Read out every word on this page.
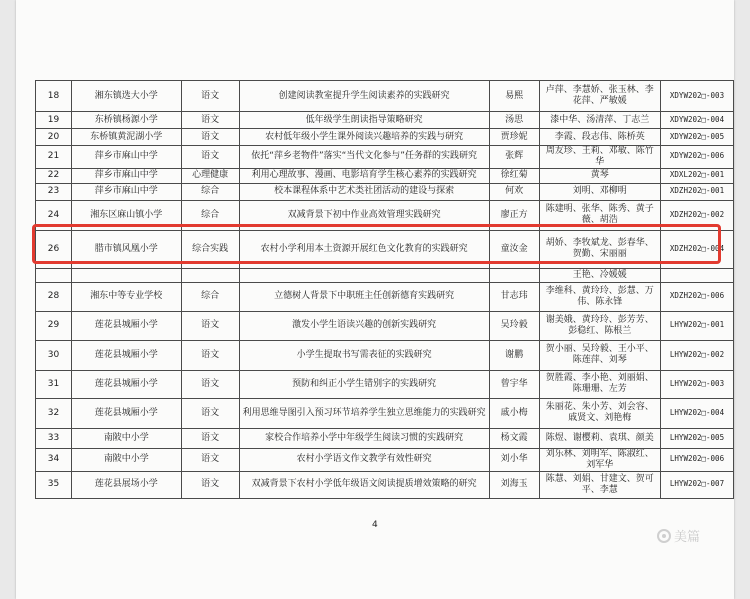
18	湘东镇选大小学	语文	创建阅读教室提升学生阅读素养的实践研究	易熙	卢萍、李慧娇、张玉林、李花萍、严敏媛	XDYW202□-003
19	东桥镇杨源小学	语文	低年级学生朗读指导策略研究	汤思	漆中华、汤清萍、丁志兰	XDYW202□-004
20	东桥镇黄泥湖小学	语文	农村低年级小学生课外阅读兴趣培养的实践与研究	贾珍妮	李霞、段志伟、陈桥英	XDYW202□-005
21	萍乡市麻山中学	语文	依托“萍乡老物件”落实“当代文化参与”任务群的实践研究	张辉	周友珍、王莉、邓敏、陈竹华	XDYW202□-006
22	萍乡市麻山中学	心理健康	利用心理故事、漫画、电影培育学生核心素养的实践研究	徐红菊	黄琴	XDXL202□-001
23	萍乡市麻山中学	综合	校本课程体系中艺术类社团活动的建设与探索	何欢	刘明、邓柳明	XDZH202□-001
24	湘东区麻山镇小学	综合	双减背景下初中作业高效管理实践研究	廖正方	陈建明、张华、陈秀、黄子薇、胡浩	XDZH202□-002
26	腊市镇风凰小学	综合实践	农村小学利用本土资源开展红色文化教育的实践研究	童汝金	胡娇、李牧斌龙、彭春华、贺勤、宋丽丽	XDZH202□-004
					王艳、冷媛媛	
28	湘东中等专业学校	综合	立德树人背景下中职班主任创新德育实践研究	甘志玮	李维科、黄玲玲、彭慧、万伟、陈永锋	XDZH202□-006
29	莲花县城厢小学	语文	激发小学生语读兴趣的创新实践研究	吴玲毅	谢美娥、黄玲玲、彭芳芳、彭稳红、陈根兰	LHYW202□-001
30	莲花县城厢小学	语文	小学生提取书写需表征的实践研究	谢鹏	贺小丽、吴玲毅、王小平、陈莲萍、刘琴	LHYW202□-002
31	莲花县城厢小学	语文	预防和纠正小学生错别字的实践研究	曾宇华	贺胜霞、李小艳、刘丽娟、陈珊珊、左芳	LHYW202□-003
32	莲花县城厢小学	语文	利用思维导图引入预习环节培养学生独立思维能力的实践研究	戚小梅	朱丽花、朱小芳、刘会容、戚贤文、刘艳梅	LHYW202□-004
33	南陂中小学	语文	家校合作培养小学中年级学生阅读习惯的实践研究	杨文霞	陈煜、谢樱莉、袁琪、颜美	LHYW202□-005
34	南陂中小学	语文	农村小学语文作文教学有效性研究	刘小华	刘乐林、刘明军、陈淑红、刘军华	LHYW202□-006
35	莲花县展场小学	语文	双减背景下农村小学低年级语文阅读提质增效策略的研究	刘海玉	陈慧、刘娟、甘建文、贺可平、李慧	LHYW202□-007
4
美篇
